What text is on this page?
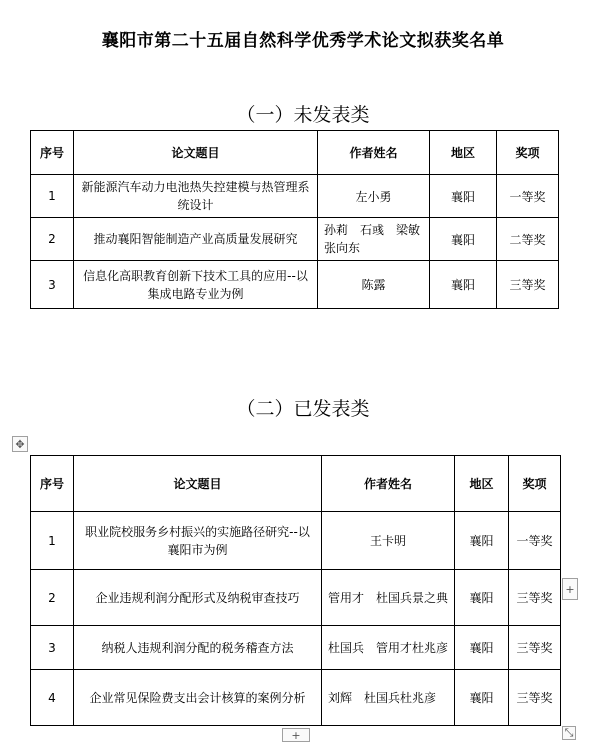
襄阳市第二十五届自然科学优秀学术论文拟获奖名单
（一）未发表类
序号	论文题目	作者姓名	地区	奖项
1	新能源汽车动力电池热失控建模与热管理系统设计	左小勇	襄阳	一等奖
2	推动襄阳智能制造产业高质量发展研究	孙莉　石彧　梁敏张向东	襄阳	二等奖
3	信息化高职教育创新下技术工具的应用--以集成电路专业为例	陈露	襄阳	三等奖
（二）已发表类
✥
序号	论文题目	作者姓名	地区	奖项
1	职业院校服务乡村振兴的实施路径研究--以襄阳市为例	王卡明	襄阳	一等奖
2	企业违规利润分配形式及纳税审查技巧	管用才　杜国兵景之典	襄阳	三等奖
3	纳税人违规利润分配的税务稽查方法	杜国兵　管用才杜兆彦	襄阳	三等奖
4	企业常见保险费支出会计核算的案例分析	刘辉　杜国兵杜兆彦	襄阳	三等奖
+
+	⤡
